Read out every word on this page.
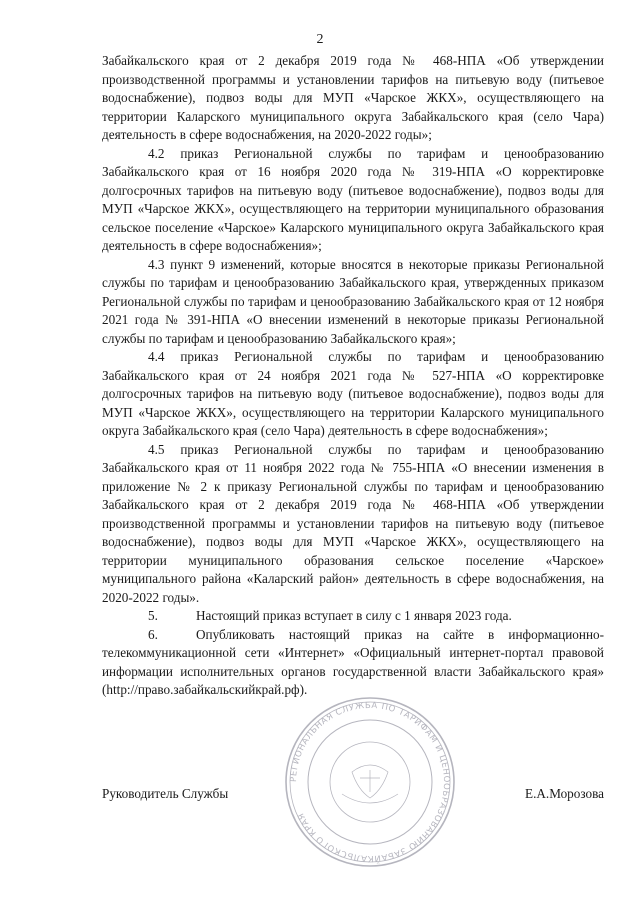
2

Забайкальского края от 2 декабря 2019 года № 468-НПА «Об утверждении производственной программы и установлении тарифов на питьевую воду (питьевое водоснабжение), подвоз воды для МУП «Чарское ЖКХ», осуществляющего на территории Каларского муниципального округа Забайкальского края (село Чара) деятельность в сфере водоснабжения, на 2020-2022 годы»;

4.2 приказ Региональной службы по тарифам и ценообразованию Забайкальского края от 16 ноября 2020 года № 319-НПА «О корректировке долгосрочных тарифов на питьевую воду (питьевое водоснабжение), подвоз воды для МУП «Чарское ЖКХ», осуществляющего на территории муниципального образования сельское поселение «Чарское» Каларского муниципального округа Забайкальского края деятельность в сфере водоснабжения»;

4.3 пункт 9 изменений, которые вносятся в некоторые приказы Региональной службы по тарифам и ценообразованию Забайкальского края, утвержденных приказом Региональной службы по тарифам и ценообразованию Забайкальского края от 12 ноября 2021 года № 391-НПА «О внесении изменений в некоторые приказы Региональной службы по тарифам и ценообразованию Забайкальского края»;

4.4 приказ Региональной службы по тарифам и ценообразованию Забайкальского края от 24 ноября 2021 года № 527-НПА «О корректировке долгосрочных тарифов на питьевую воду (питьевое водоснабжение), подвоз воды для МУП «Чарское ЖКХ», осуществляющего на территории Каларского муниципального округа Забайкальского края (село Чара) деятельность в сфере водоснабжения»;

4.5 приказ Региональной службы по тарифам и ценообразованию Забайкальского края от 11 ноября 2022 года № 755-НПА «О внесении изменения в приложение № 2 к приказу Региональной службы по тарифам и ценообразованию Забайкальского края от 2 декабря 2019 года № 468-НПА «Об утверждении производственной программы и установлении тарифов на питьевую воду (питьевое водоснабжение), подвоз воды для МУП «Чарское ЖКХ», осуществляющего на территории муниципального образования сельское поселение «Чарское» муниципального района «Каларский район» деятельность в сфере водоснабжения, на 2020-2022 годы».

5.	Настоящий приказ вступает в силу с 1 января 2023 года.

6.	Опубликовать настоящий приказ на сайте в информационно-телекоммуникационной сети «Интернет» «Официальный интернет-портал правовой информации исполнительных органов государственной власти Забайкальского края» (http://право.забайкальскийкрай.рф).

РЕГИОНАЛЬНАЯ СЛУЖБА ПО ТАРИФАМ И ЦЕНООБРАЗОВАНИЮ ЗАБАЙКАЛЬСКОГО КРАЯ
Руководитель Службы	Е.А.Морозова
